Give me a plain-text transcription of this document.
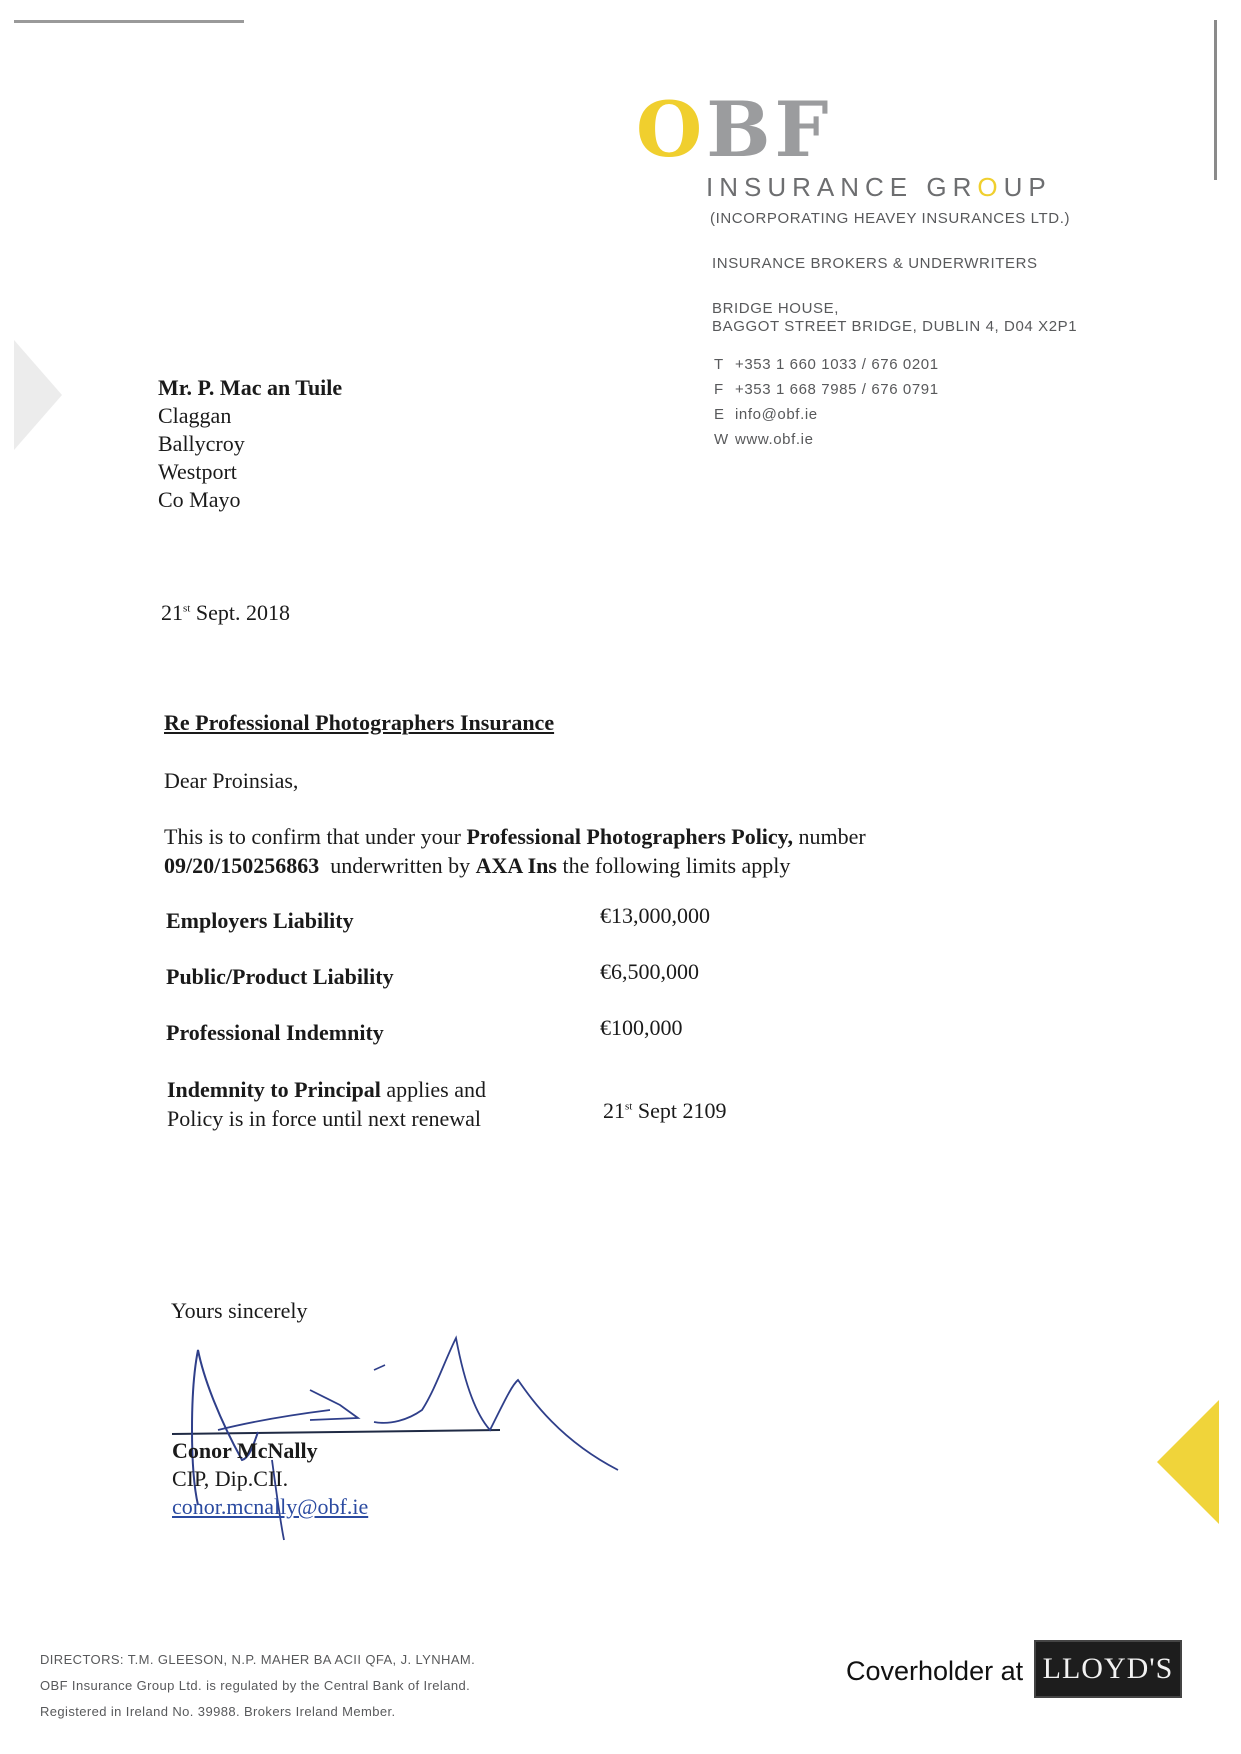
OBF
INSURANCE GROUP
(INCORPORATING HEAVEY INSURANCES LTD.)
INSURANCE BROKERS & UNDERWRITERS
BRIDGE HOUSE,
BAGGOT STREET BRIDGE, DUBLIN 4, D04 X2P1
T +353 1 660 1033 / 676 0201
F +353 1 668 7985 / 676 0791
E info@obf.ie
W www.obf.ie
Mr. P. Mac an Tuile
Claggan
Ballycroy
Westport
Co Mayo
21st Sept. 2018
Re Professional Photographers Insurance
Dear Proinsias,
This is to confirm that under your Professional Photographers Policy, number
09/20/150256863  underwritten by AXA Ins the following limits apply
Employers Liability	€13,000,000
Public/Product Liability	€6,500,000
Professional Indemnity	€100,000
Indemnity to Principal applies and
Policy is in force until next renewal	21st Sept 2109
Yours sincerely
Conor McNally
CIP, Dip.CII.
conor.mcnally@obf.ie
DIRECTORS: T.M. GLEESON, N.P. MAHER BA ACII QFA, J. LYNHAM.
OBF Insurance Group Ltd. is regulated by the Central Bank of Ireland.
Registered in Ireland No. 39988. Brokers Ireland Member.
Coverholder at LLOYD'S
